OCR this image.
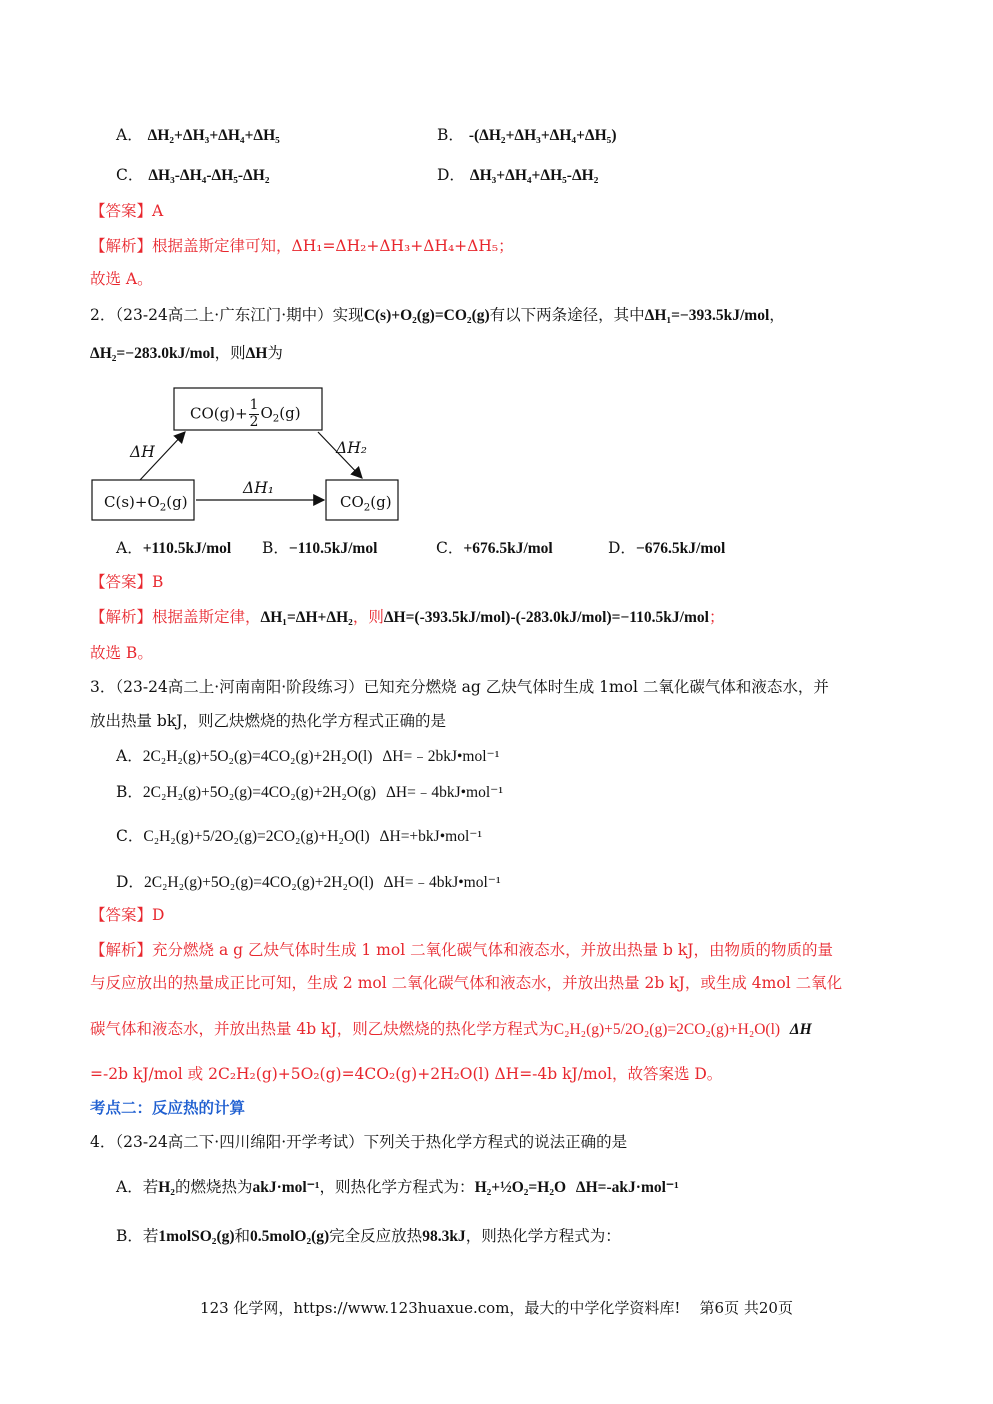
A． ΔH₂+ΔH₃+ΔH₄+ΔH₅	B． -(ΔH₂+ΔH₃+ΔH₄+ΔH₅)
C． ΔH₃-ΔH₄-ΔH₅-ΔH₂	D． ΔH₃+ΔH₄+ΔH₅-ΔH₂
【答案】A
【解析】根据盖斯定律可知，ΔH₁=ΔH₂+ΔH₃+ΔH₄+ΔH₅；
故选 A。
2．（23-24高二上·广东江门·期中）实现C(s)+O₂(g)=CO₂(g)有以下两条途径，其中ΔH₁=−393.5kJ/mol，
ΔH₂=−283.0kJ/mol，则ΔH为
$CO(g)+ \frac{1}{2} O_2(g)$
$C(s)+O_2(g)$	$CO_2(g)$
ΔH	ΔH₂
ΔH₁
A．+110.5kJ/mol B．−110.5kJ/mol	C．+676.5kJ/mol	D．−676.5kJ/mol
【答案】B
【解析】根据盖斯定律，ΔH₁=ΔH+ΔH₂，则ΔH=(-393.5kJ/mol)-(-283.0kJ/mol)=−110.5kJ/mol；
故选 B。
3．（23-24高二上·河南南阳·阶段练习）已知充分燃烧 ag 乙炔气体时生成 1mol 二氧化碳气体和液态水，并
放出热量 bkJ，则乙炔燃烧的热化学方程式正确的是
A．2C₂H₂(g)+5O₂(g)=4CO₂(g)+2H₂O(l) ΔH=﹣2bkJ•mol⁻¹
B．2C₂H₂(g)+5O₂(g)=4CO₂(g)+2H₂O(g) ΔH=﹣4bkJ•mol⁻¹
C．C₂H₂(g)+5/2O₂(g)=2CO₂(g)+H₂O(l) ΔH=+bkJ•mol⁻¹
D．2C₂H₂(g)+5O₂(g)=4CO₂(g)+2H₂O(l) ΔH=﹣4bkJ•mol⁻¹
【答案】D
【解析】充分燃烧 a g 乙炔气体时生成 1 mol 二氧化碳气体和液态水，并放出热量 b kJ，由物质的物质的量
与反应放出的热量成正比可知，生成 2 mol 二氧化碳气体和液态水，并放出热量 2b kJ，或生成 4mol 二氧化
碳气体和液态水，并放出热量 4b kJ，则乙炔燃烧的热化学方程式为C₂H₂(g)+5/2O₂(g)=2CO₂(g)+H₂O(l) ΔH
=-2b kJ/mol 或 2C₂H₂(g)+5O₂(g)=4CO₂(g)+2H₂O(l) ΔH=-4b kJ/mol，故答案选 D。
考点二：反应热的计算
4．（23-24高二下·四川绵阳·开学考试）下列关于热化学方程式的说法正确的是
A．若H₂的燃烧热为akJ·mol⁻¹，则热化学方程式为：H₂+½O₂=H₂O ΔH=-akJ·mol⁻¹
B．若1molSO₂(g)和0.5molO₂(g)完全反应放热98.3kJ，则热化学方程式为：
123 化学网，https://www.123huaxue.com，最大的中学化学资料库! 第6页 共20页
